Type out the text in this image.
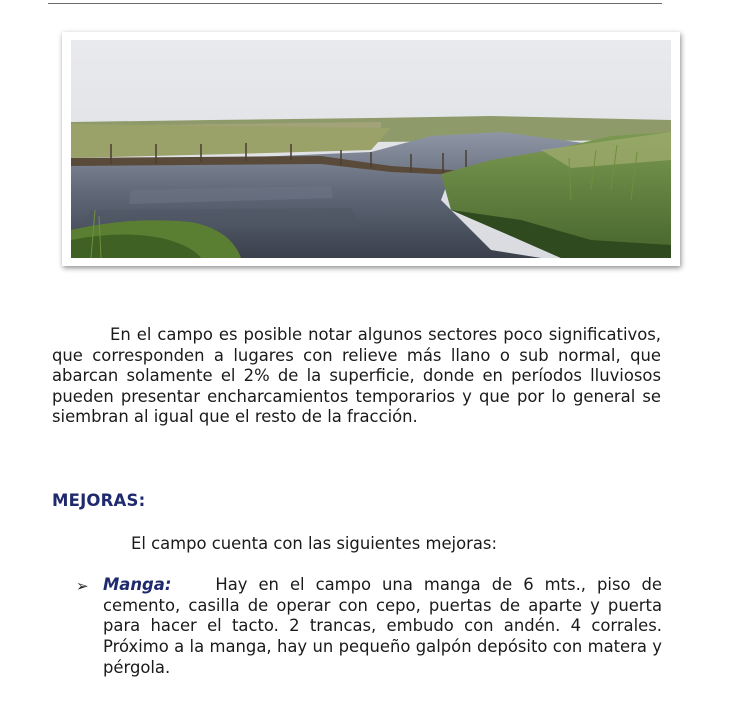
En el campo es posible notar algunos sectores poco significativos, que corresponden a lugares con relieve más llano o sub normal, que abarcan solamente el 2% de la superficie, donde en períodos lluviosos pueden presentar encharcamientos temporarios y que por lo general se siembran al igual que el resto de la fracción.

MEJORAS:

El campo cuenta con las siguientes mejoras:

➢ Manga:	Hay en el campo una manga de 6 mts., piso de cemento, casilla de operar con cepo, puertas de aparte y puerta para hacer el tacto. 2 trancas, embudo con andén. 4 corrales. Próximo a la manga, hay un pequeño galpón depósito con matera y pérgola.
